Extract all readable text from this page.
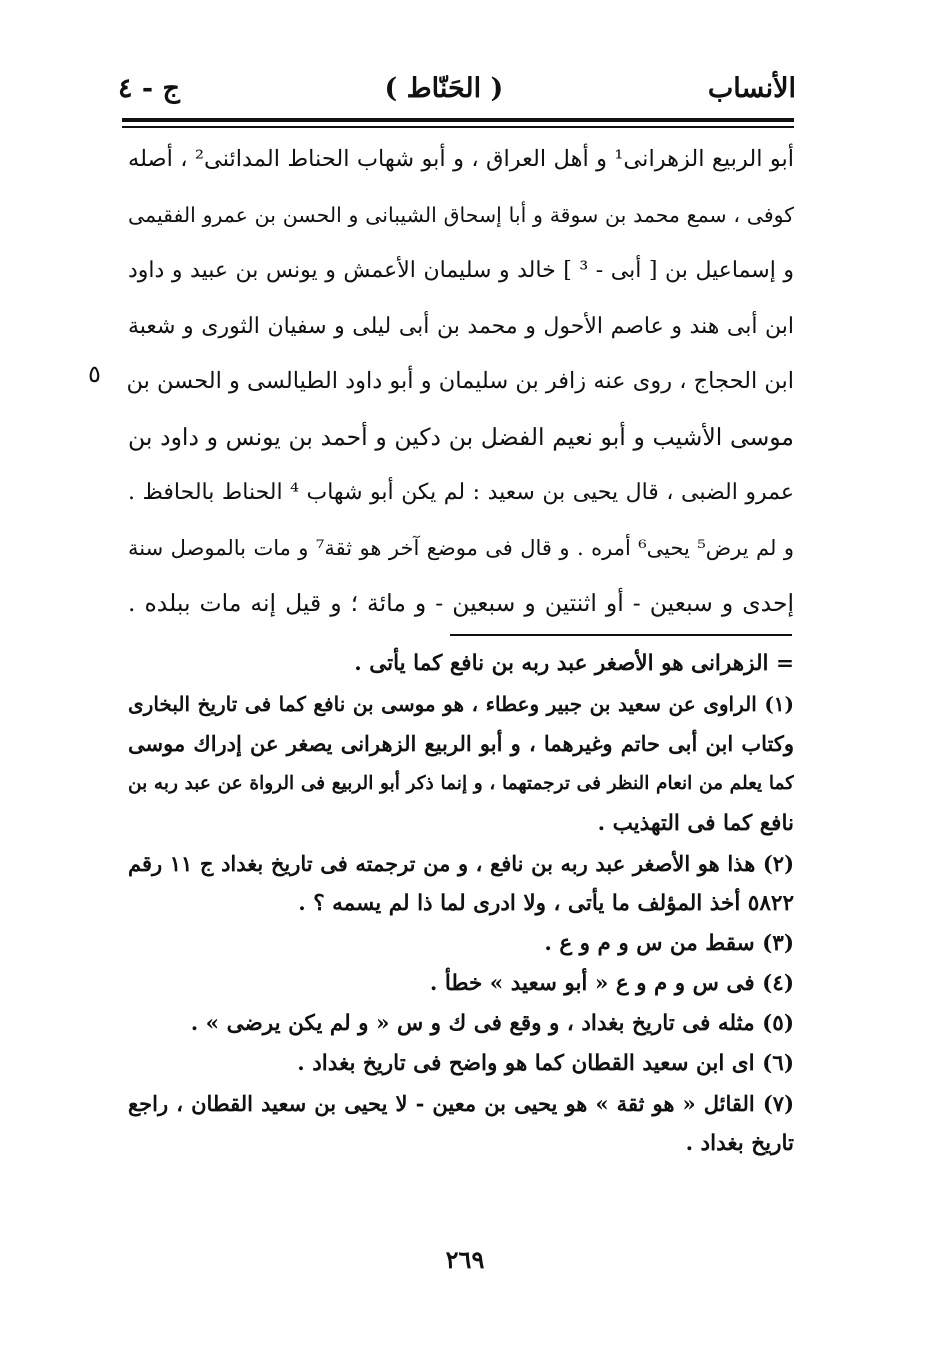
الأنساب
( الحَنّاط )
ج - ٤
أبو الربيع الزهرانى¹ و أهل العراق ، و أبو شهاب الحناط المدائنى² ، أصله
كوفى ، سمع محمد بن سوقة و أبا إسحاق الشيبانى و الحسن بن عمرو الفقيمى
و إسماعيل بن [ أبى - ³ ] خالد و سليمان الأعمش و يونس بن عبيد و داود
ابن أبى هند و عاصم الأحول و محمد بن أبى ليلى و سفيان الثورى و شعبة
ابن الحجاج ، روى عنه زافر بن سليمان و أبو داود الطيالسى و الحسن بن
موسى الأشيب و أبو نعيم الفضل بن دكين و أحمد بن يونس و داود بن
عمرو الضبى ، قال يحيى بن سعيد : لم يكن أبو شهاب ⁴ الحناط بالحافظ .
و لم يرض⁵ يحيى⁶ أمره . و قال فى موضع آخر هو ثقة⁷ و مات بالموصل سنة
إحدى و سبعين - أو اثنتين و سبعين - و مائة ؛ و قيل إنه مات ببلده .
٥
= الزهرانى هو الأصغر عبد ربه بن نافع كما يأتى .
(١) الراوى عن سعيد بن جبير وعطاء ، هو موسى بن نافع كما فى تاريخ البخارى
وكتاب ابن أبى حاتم وغيرهما ، و أبو الربيع الزهرانى يصغر عن إدراك موسى
كما يعلم من انعام النظر فى ترجمتهما ، و إنما ذكر أبو الربيع فى الرواة عن عبد ربه بن
نافع كما فى التهذيب .
(٢) هذا هو الأصغر عبد ربه بن نافع ، و من ترجمته فى تاريخ بغداد ج ١١ رقم
٥٨٢٢ أخذ المؤلف ما يأتى ، ولا ادرى لما ذا لم يسمه ؟ .
(٣) سقط من س و م و ع .
(٤) فى س و م و ع « أبو سعيد » خطأ .
(٥) مثله فى تاريخ بغداد ، و وقع فى ك و س « و لم يكن يرضى » .
(٦) اى ابن سعيد القطان كما هو واضح فى تاريخ بغداد .
(٧) القائل « هو ثقة » هو يحيى بن معين - لا يحيى بن سعيد القطان ، راجع
تاريخ بغداد .
٢٦٩
